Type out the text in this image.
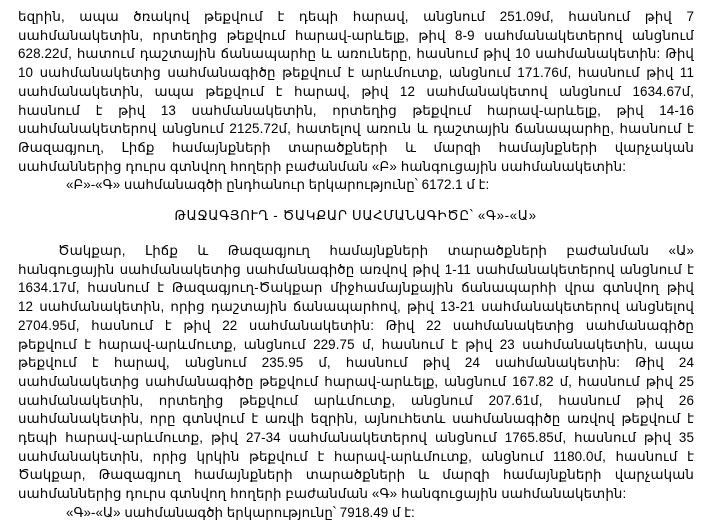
եզրին, ապա ծռակով թեքվում է դեպի հարավ, անցնում 251.09մ, հասնում թիվ 7
սահմանակետին, որտեղից թեքվում հարավ-արևելք, թիվ 8-9 սահմանակետերով անցնում
628.22մ, հատում դաշտային ճանապարհը և առուները, հասնում թիվ 10 սահմանակետին: Թիվ
10 սահմանակետից սահմանագիծը թեքվում է արևմուտք, անցնում 171.76մ, հասնում թիվ 11
սահմանակետին, ապա թեքվում է հարավ, թիվ 12 սահմանակետով անցնում 1634.67մ,
հասնում է թիվ 13 սահմանակետին, որտեղից թեքվում հարավ-արևելք, թիվ 14-16
սահմանակետերով անցնում 2125.72մ, հատելով առուն և դաշտային ճանապարհը, հասնում է
Թազագյուղ, Լիճք համայնքների տարածքների և մարզի համայնքների վարչական
սահմաններից դուրս գտնվող հողերի բաժանման «Բ» հանգուցային սահմանակետին:
«Բ»-«Գ» սահմանագծի ընդհանուր երկարությունը՝ 6172.1 մ է:
ԹԱՋԱԳՅՈՒՂ - ԾԱԿՔԱՐ ՍԱՀՄԱՆԱԳԻԾԸ՝ «Գ»-«Ա»
Ծակքար, Լիճք և Թազագյուղ համայնքների տարածքների բաժանման «Ա»
հանգուցային սահմանակետից սահմանագիծը առվով թիվ 1-11 սահմանակետերով անցնում է
1634.17մ, հասնում է Թազագյուղ-Ծակքար միջհամայնքային ճանապարհի վրա գտնվող թիվ
12 սահմանակետին, որից դաշտային ճանապարհով, թիվ 13-21 սահմանակետերով անցնելով
2704.95մ, հասնում է թիվ 22 սահմանակետին: Թիվ 22 սահմանակետից սահմանագիծը
թեքվում է հարավ-արևմուտք, անցնում 229.75 մ, հասնում է թիվ 23 սահմանակետին, ապա
թեքվում է հարավ, անցնում 235.95 մ, հասնում թիվ 24 սահմանակետին: Թիվ 24
սահմանակետից սահմանագիծը թեքվում հարավ-արևելք, անցնում 167.82 մ, հասնում թիվ 25
սահմանակետին, որտեղից թեքվում արևմուտք, անցնում 207.61մ, հասնում թիվ 26
սահմանակետին, որը գտնվում է առվի եզրին, այնուհետև սահմանագիծը առվով թեքվում է
դեպի հարավ-արևմուտք, թիվ 27-34 սահմանակետերով անցնում 1765.85մ, հասնում թիվ 35
սահմանակետին, որից կրկին թեքվում է հարավ-արևմուտք, անցնում 1180.0մ, հասնում է
Ծակքար, Թազագյուղ համայնքների տարածքների և մարզի համայնքների վարչական
սահմաններից դուրս գտնվող հողերի բաժանման «Գ» հանգուցային սահմանակետին:
«Գ»-«Ա» սահմանագծի երկարությունը՝ 7918.49 մ է:
